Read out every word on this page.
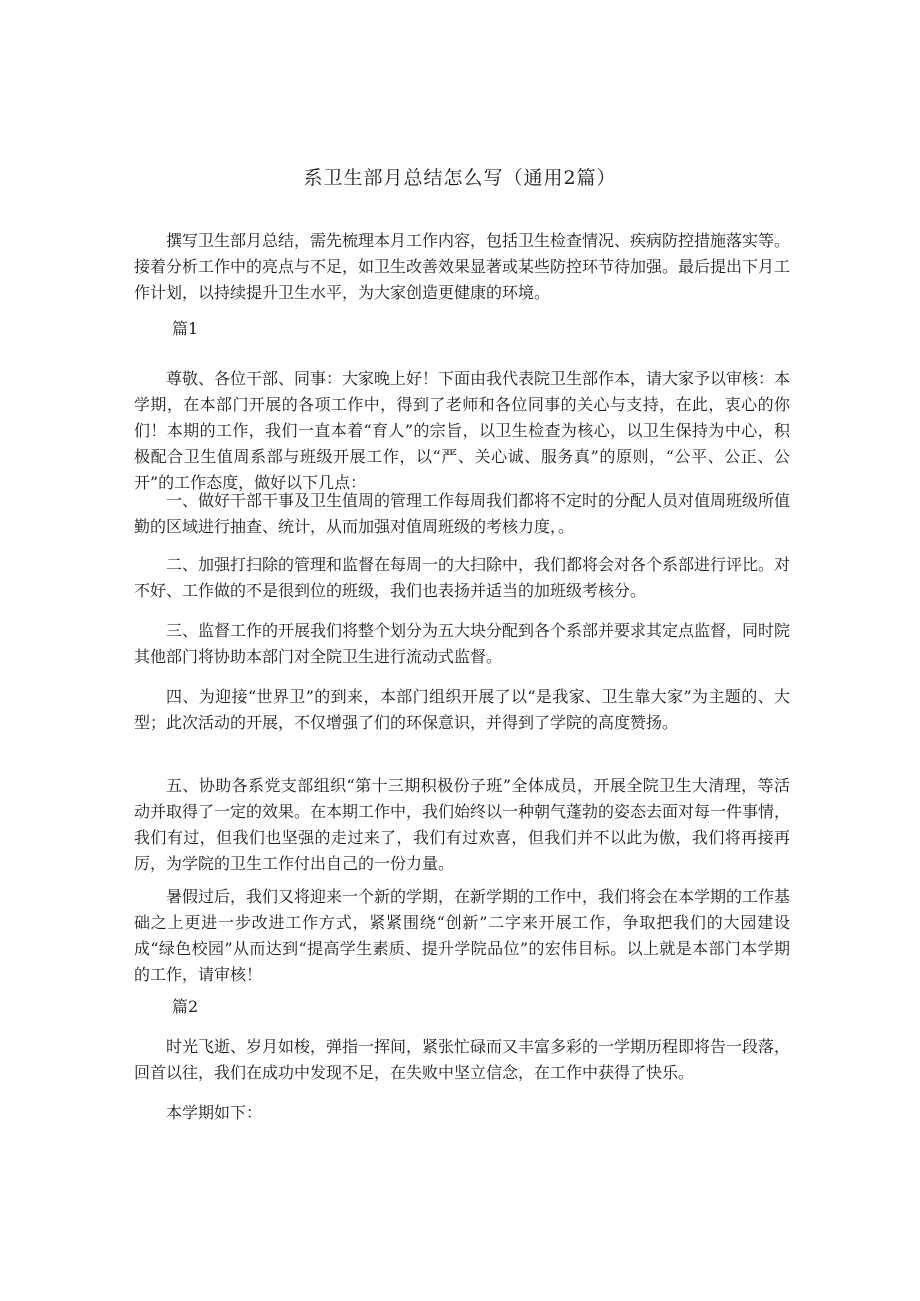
系卫生部月总结怎么写（通用2篇）

撰写卫生部月总结，需先梳理本月工作内容，包括卫生检查情况、疾病防控措施落实等。接着分析工作中的亮点与不足，如卫生改善效果显著或某些防控环节待加强。最后提出下月工作计划，以持续提升卫生水平，为大家创造更健康的环境。

篇1

尊敬、各位干部、同事：大家晚上好！下面由我代表院卫生部作本，请大家予以审核：本学期，在本部门开展的各项工作中，得到了老师和各位同事的关心与支持，在此，衷心的你们！本期的工作，我们一直本着“育人”的宗旨，以卫生检查为核心，以卫生保持为中心，积极配合卫生值周系部与班级开展工作，以“严、关心诚、服务真”的原则，“公平、公正、公开”的工作态度，做好以下几点：

一、做好干部干事及卫生值周的管理工作每周我们都将不定时的分配人员对值周班级所值勤的区域进行抽查、统计，从而加强对值周班级的考核力度，。

二、加强打扫除的管理和监督在每周一的大扫除中，我们都将会对各个系部进行评比。对不好、工作做的不是很到位的班级，我们也表扬并适当的加班级考核分。

三、监督工作的开展我们将整个划分为五大块分配到各个系部并要求其定点监督，同时院其他部门将协助本部门对全院卫生进行流动式监督。

四、为迎接“世界卫”的到来，本部门组织开展了以“是我家、卫生靠大家”为主题的、大型；此次活动的开展，不仅增强了们的环保意识，并得到了学院的高度赞扬。

五、协助各系党支部组织“第十三期积极份子班”全体成员，开展全院卫生大清理，等活动并取得了一定的效果。在本期工作中，我们始终以一种朝气蓬勃的姿态去面对每一件事情，我们有过，但我们也坚强的走过来了，我们有过欢喜，但我们并不以此为傲，我们将再接再厉，为学院的卫生工作付出自己的一份力量。

暑假过后，我们又将迎来一个新的学期，在新学期的工作中，我们将会在本学期的工作基础之上更进一步改进工作方式，紧紧围绕“创新”二字来开展工作，争取把我们的大园建设成“绿色校园”从而达到“提高学生素质、提升学院品位”的宏伟目标。以上就是本部门本学期的工作，请审核！

篇2

时光飞逝、岁月如梭，弹指一挥间，紧张忙碌而又丰富多彩的一学期历程即将告一段落，回首以往，我们在成功中发现不足，在失败中坚立信念，在工作中获得了快乐。

本学期如下：
